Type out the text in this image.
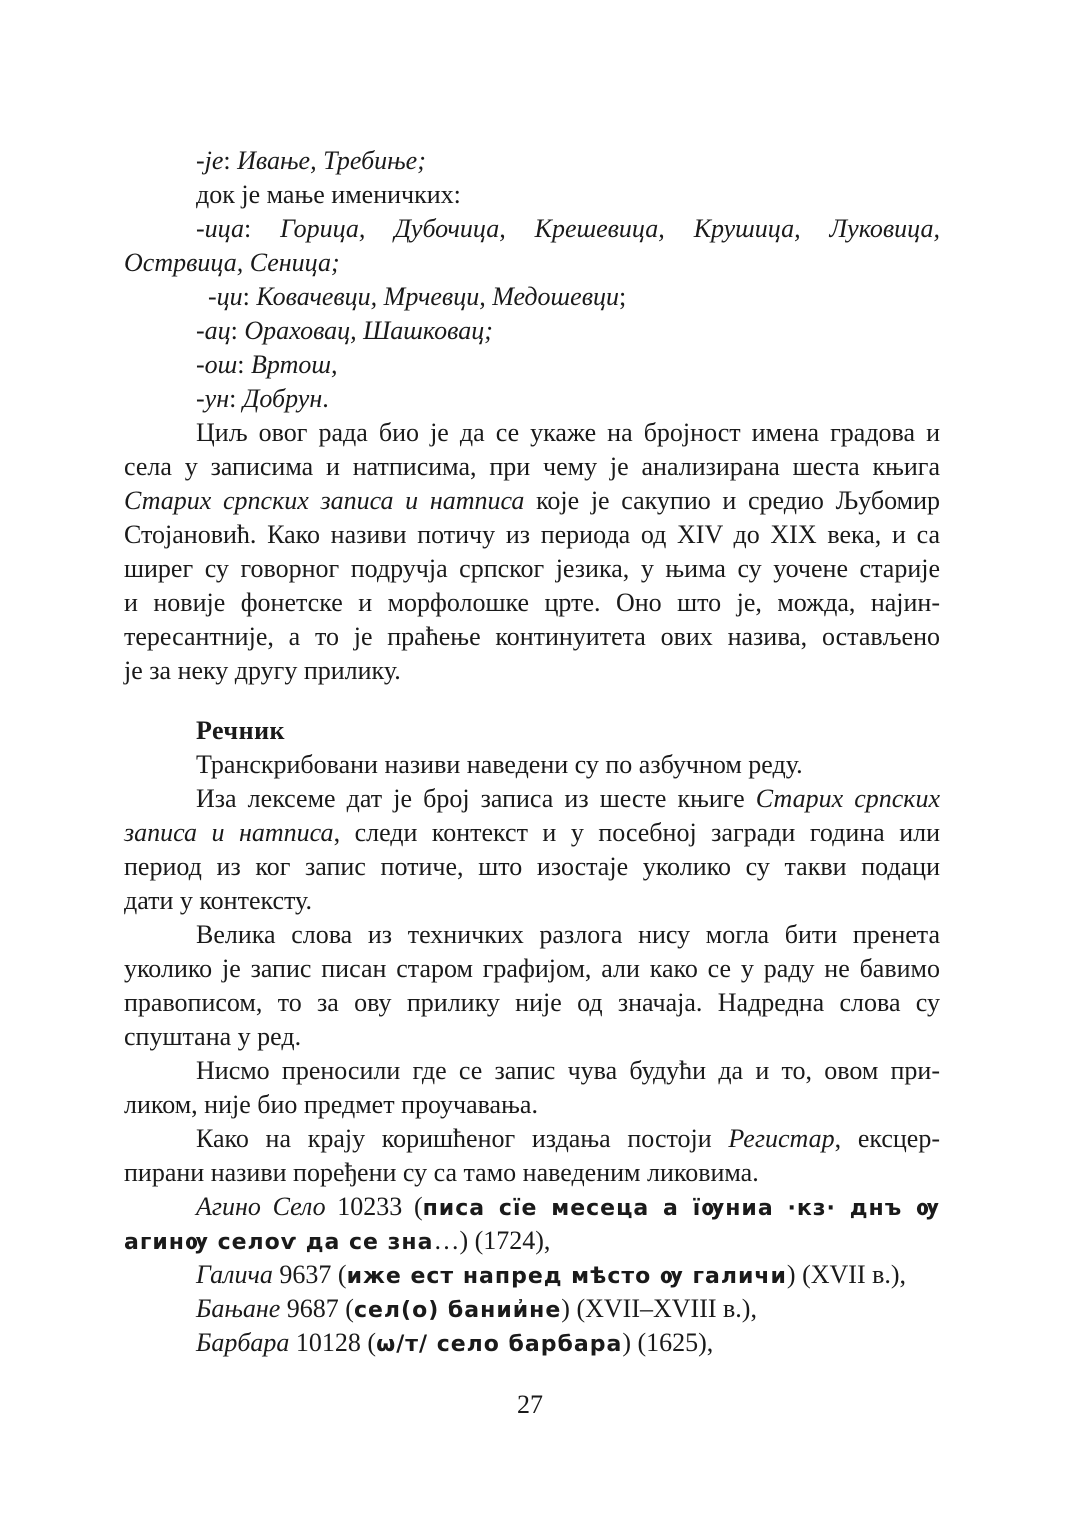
-је: Ивање, Требиње;
док је мање именичких:
-ица: Горица, Дубочица, Крешевица, Крушица, Луковица,
Острвица, Сеница;
-ци: Ковачевци, Мрчевци, Медошевци;
-ац: Ораховац, Шашковац;
-ош: Вртош,
-ун: Добрун.
Циљ овог рада био је да се укаже на бројност имена градова и
села у записима и натписима, при чему је анализирана шеста књига
Старих српских записа и натписа које је сакупио и средио Љубомир
Стојановић. Како називи потичу из периода од XIV до XIX века, и са
ширег су говорног подручја српског језика, у њима су уочене старије
и новије фонетске и морфолошке црте. Оно што је, можда, најин-
тересантније, а то је праћење континуитета ових назива, остављено
је за неку другу прилику.
Речник
Транскрибовани називи наведени су по азбучном реду.
Иза лексеме дат је број записа из шесте књиге Старих српских
записа и натписа, следи контекст и у посебној загради година или
период из ког запис потиче, што изостаје уколико су такви подаци
дати у контексту.
Велика слова из техничких разлога нису могла бити пренета
уколико је запис писан старом графијом, али како се у раду не бавимо
правописом, то за ову прилику није од значаја. Надредна слова су
спуштана у ред.
Нисмо преносили где се запис чува будући да и то, овом при-
ликом, није био предмет проучавања.
Како на крају коришћеног издања постоји Регистар, ексцер-
пирани називи поређени су са тамо наведеним ликовима.
Агино Село 10233 (писа сїе месеца а їѹниа ·кз· днъ ѹ
агинѹ селоѵ да се зна…) (1724),
Галича 9637 (иже ест напред мѣсто ѹ галичи) (XVII в.),
Бањане 9687 (сел(о) бании҆не) (XVII–XVIII в.),
Барбара 10128 (ѡ/т/ село барбара) (1625),
27
